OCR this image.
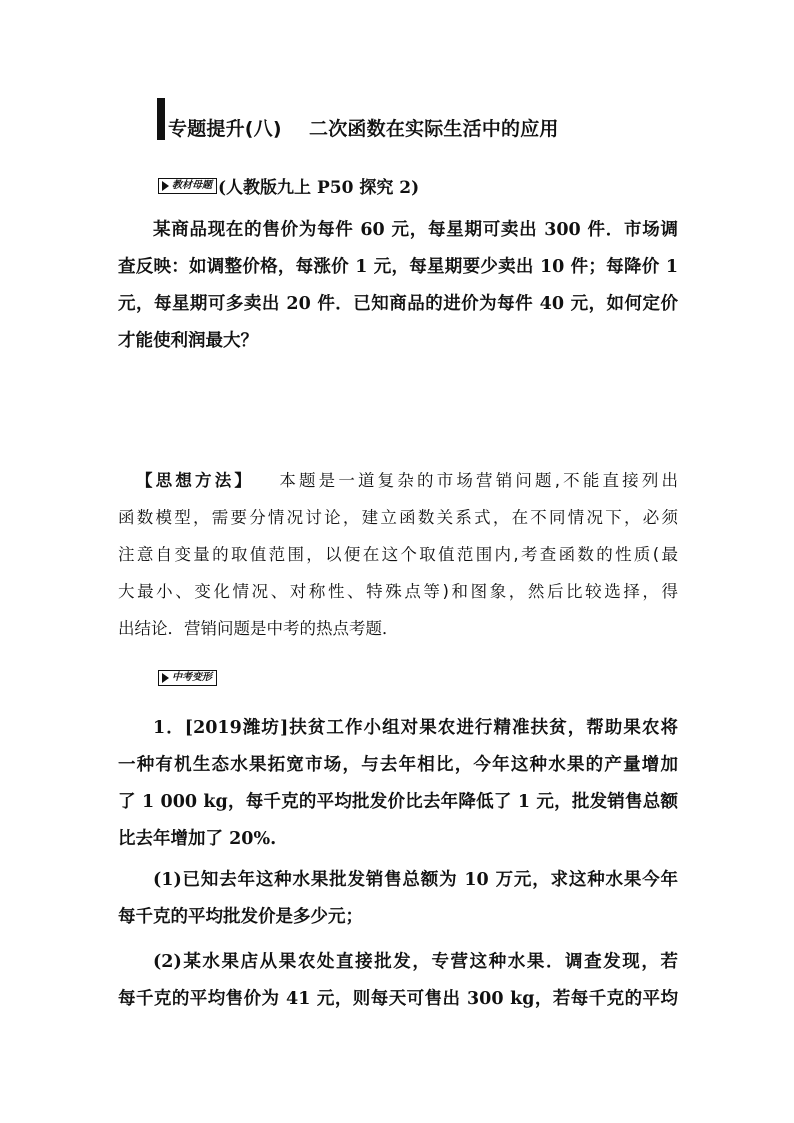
专题提升(八)    二次函数在实际生活中的应用
教材母题 (人教版九上 P50 探究 2)
某商品现在的售价为每件 60 元，每星期可卖出 300 件．市场调
查反映：如调整价格，每涨价 1 元，每星期要少卖出 10 件；每降价 1
元，每星期可多卖出 20 件．已知商品的进价为每件 40 元，如何定价
才能使利润最大？
【思想方法】 本题是一道复杂的市场营销问题,不能直接列出
函数模型，需要分情况讨论，建立函数关系式，在不同情况下，必须
注意自变量的取值范围，以便在这个取值范围内,考查函数的性质(最
大最小、变化情况、对称性、特殊点等)和图象，然后比较选择，得
出结论．营销问题是中考的热点考题．
中考变形
1．[2019潍坊]扶贫工作小组对果农进行精准扶贫，帮助果农将
一种有机生态水果拓宽市场，与去年相比，今年这种水果的产量增加
了 1 000 kg，每千克的平均批发价比去年降低了 1 元，批发销售总额
比去年增加了 20%.
(1)已知去年这种水果批发销售总额为 10 万元，求这种水果今年
每千克的平均批发价是多少元；
(2)某水果店从果农处直接批发，专营这种水果．调查发现，若
每千克的平均售价为 41 元，则每天可售出 300 kg，若每千克的平均
